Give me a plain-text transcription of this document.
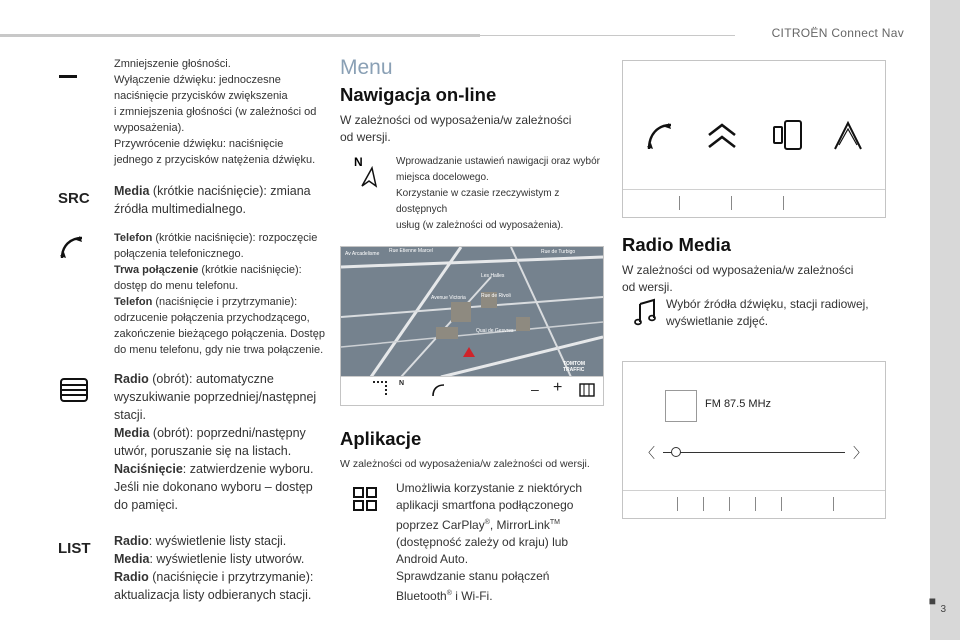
CITROËN Connect Nav
■
3
Zmniejszenie głośności.
Wyłączenie dźwięku: jednoczesne
naciśnięcie przycisków zwiększenia
i zmniejszenia głośności (w zależności od
wyposażenia).
Przywrócenie dźwięku: naciśnięcie
jednego z przycisków natężenia dźwięku.
SRC Media (krótkie naciśnięcie): zmiana
źródła multimedialnego.
Telefon (krótkie naciśnięcie): rozpoczęcie
połączenia telefonicznego.
Trwa połączenie (krótkie naciśnięcie):
dostęp do menu telefonu.
Telefon (naciśnięcie i przytrzymanie):
odrzucenie połączenia przychodzącego,
zakończenie bieżącego połączenia. Dostęp
do menu telefonu, gdy nie trwa połączenie.
Radio (obrót): automatyczne
wyszukiwanie poprzedniej/następnej
stacji.
Media (obrót): poprzedni/następny
utwór, poruszanie się na listach.
Naciśnięcie: zatwierdzenie wyboru.
Jeśli nie dokonano wyboru – dostęp
do pamięci.
LIST Radio: wyświetlenie listy stacji.
Media: wyświetlenie listy utworów.
Radio (naciśnięcie i przytrzymanie):
aktualizacja listy odbieranych stacji.
Menu
Nawigacja on-line
W zależności od wyposażenia/w zależności
od wersji.
N	Wprowadzanie ustawień nawigacji oraz wybór
miejsca docelowego.
Korzystanie w czasie rzeczywistym z dostępnych
usług (w zależności od wyposażenia).
Av Arcadelisme Rue Etienne Marcel	Rue de Turbigo
Les Halles
Rue de Rivoli
Avenue Victoria
Quai de Gesvres
TOMTOM
TRAFFIC
N	– +
Aplikacje
W zależności od wyposażenia/w zależności od wersji.
Umożliwia korzystanie z niektórych
aplikacji smartfona podłączonego
poprzez CarPlay®, MirrorLink™
(dostępność zależy od kraju) lub
Android Auto.
Sprawdzanie stanu połączeń
Bluetooth® i Wi-Fi.
Radio Media
W zależności od wyposażenia/w zależności
od wersji.
Wybór źródła dźwięku, stacji radiowej,
wyświetlanie zdjęć.
FM 87.5 MHz
〈	〉
